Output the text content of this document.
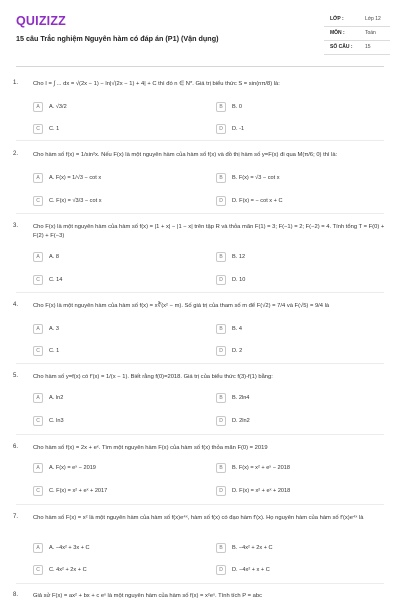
QUIZIZZ
15 câu Trắc nghiệm Nguyên hàm có đáp án (P1) (Vận dụng)
LỚP :	Lớp 12
MÔN :	Toán
SỐ CÂU :	15
1.	Cho I = ∫ ... dx = √(2x − 1) − ln|√(2x − 1) + 4| + C thì đó n ∈ N*. Giá trị biểu thức S = sin(nπ/8) là:
A	A. √3/2	B	B. 0
C	C. 1	D	D. -1
2.	Cho hàm số f(x) = 1/sin²x. Nếu F(x) là một nguyên hàm của hàm số f(x) và đồ thị hàm số y=F(x) đi qua M(π/6; 0) thì là:
A	A. F(x) = 1/√3 − cot x	B	B. F(x) = √3 − cot x
C	C. F(x) = √3/3 − cot x	D	D. F(x) = − cot x + C
3.	Cho F(x) là một nguyên hàm của hàm số f(x) = |1 + x| − |1 − x| trên tập R và thỏa mãn F(1) = 3; F(−1) = 2; F(−2) = 4. Tính tổng T = F(0) + F(2) + F(−3)
A	A. 8	B	B. 12
C	C. 14	D	D. 10
4.	Cho F(x) là một nguyên hàm của hàm số f(x) = x∛(x² − m). Số giá trị của tham số m để F(√2) = 7/4 và F(√5) = 9/4 là
A	A. 3	B	B. 4
C	C. 1	D	D. 2
5.	Cho hàm số y=f(x) có f'(x) = 1/(x − 1). Biết rằng f(0)=2018. Giá trị của biểu thức f(3)-f(1) bằng:
A	A. ln2	B	B. 2ln4
C	C. ln3	D	D. 2ln2
6.	Cho hàm số f(x) = 2x + eˣ. Tìm một nguyên hàm F(x) của hàm số f(x) thỏa mãn F(0) = 2019
A	A. F(x) = eˣ − 2019	B	B. F(x) = x² + eˣ − 2018
C	C. F(x) = x² + eˣ + 2017	D	D. F(x) = x² + eˣ + 2018
7.	Cho hàm số F(x) = x² là một nguyên hàm của hàm số f(x)e⁴ˣ, hàm số f(x) có đạo hàm f'(x). Họ nguyên hàm của hàm số f'(x)e⁴ˣ là
A	A. −4x² + 3x + C	B	B. −4x² + 2x + C
C	C. 4x² + 2x + C	D	D. −4x² + x + C
8.	Giả sử F(x) = ax² + bx + c eˣ là một nguyên hàm của hàm số f(x) = x²eˣ. Tính tích P = abc
